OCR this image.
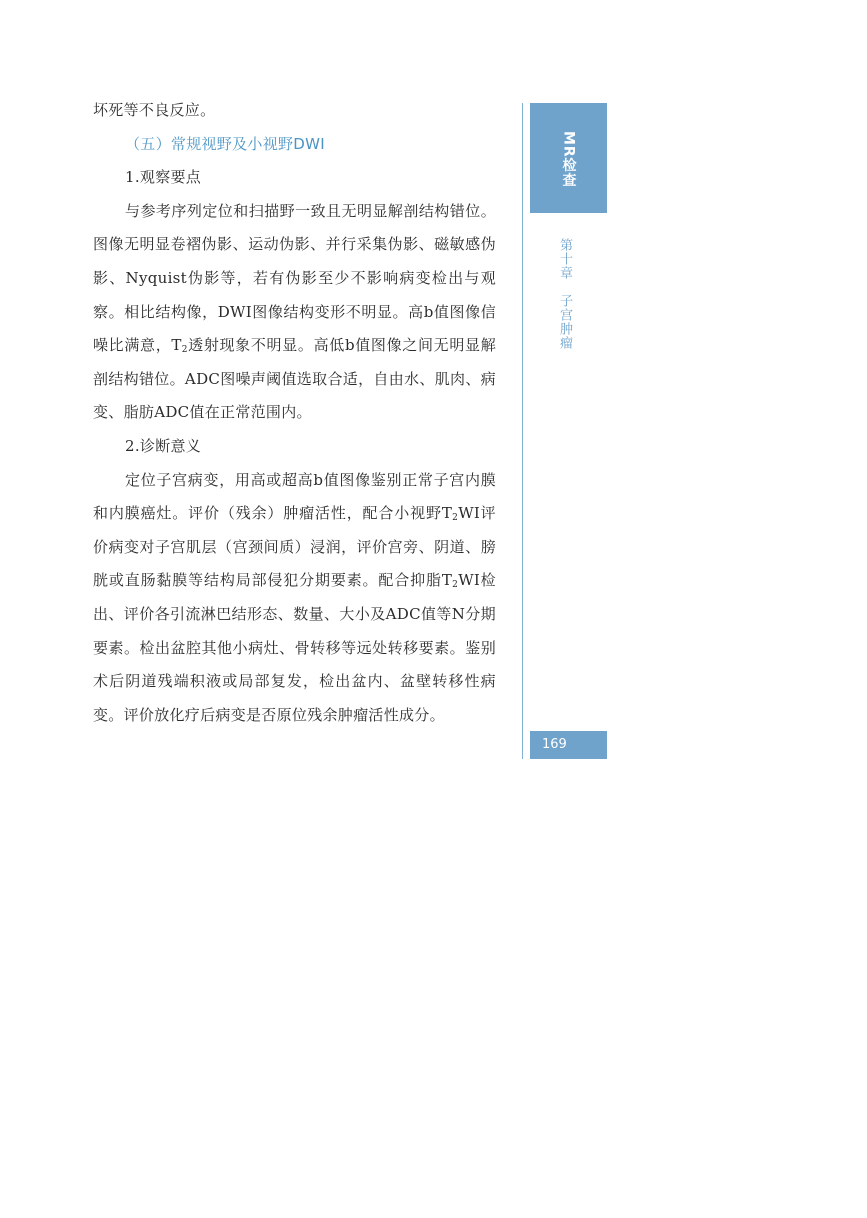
坏死等不良反应。

（五）常规视野及小视野DWI

1.观察要点

与参考序列定位和扫描野一致且无明显解剖结构错位。图像无明显卷褶伪影、运动伪影、并行采集伪影、磁敏感伪影、Nyquist伪影等，若有伪影至少不影响病变检出与观察。相比结构像，DWI图像结构变形不明显。高b值图像信噪比满意，$T_2$透射现象不明显。高低b值图像之间无明显解剖结构错位。ADC图噪声阈值选取合适，自由水、肌肉、病变、脂肪ADC值在正常范围内。

2.诊断意义

定位子宫病变，用高或超高b值图像鉴别正常子宫内膜和内膜癌灶。评价（残余）肿瘤活性，配合小视野$T_2WI$评价病变对子宫肌层（宫颈间质）浸润，评价宫旁、阴道、膀胱或直肠黏膜等结构局部侵犯分期要素。配合抑脂$T_2WI$检出、评价各引流淋巴结形态、数量、大小及ADC值等N分期要素。检出盆腔其他小病灶、骨转移等远处转移要素。鉴别术后阴道残端积液或局部复发，检出盆内、盆壁转移性病变。评价放化疗后病变是否原位残余肿瘤活性成分。

MR检查
第十章　子宫肿瘤
169
